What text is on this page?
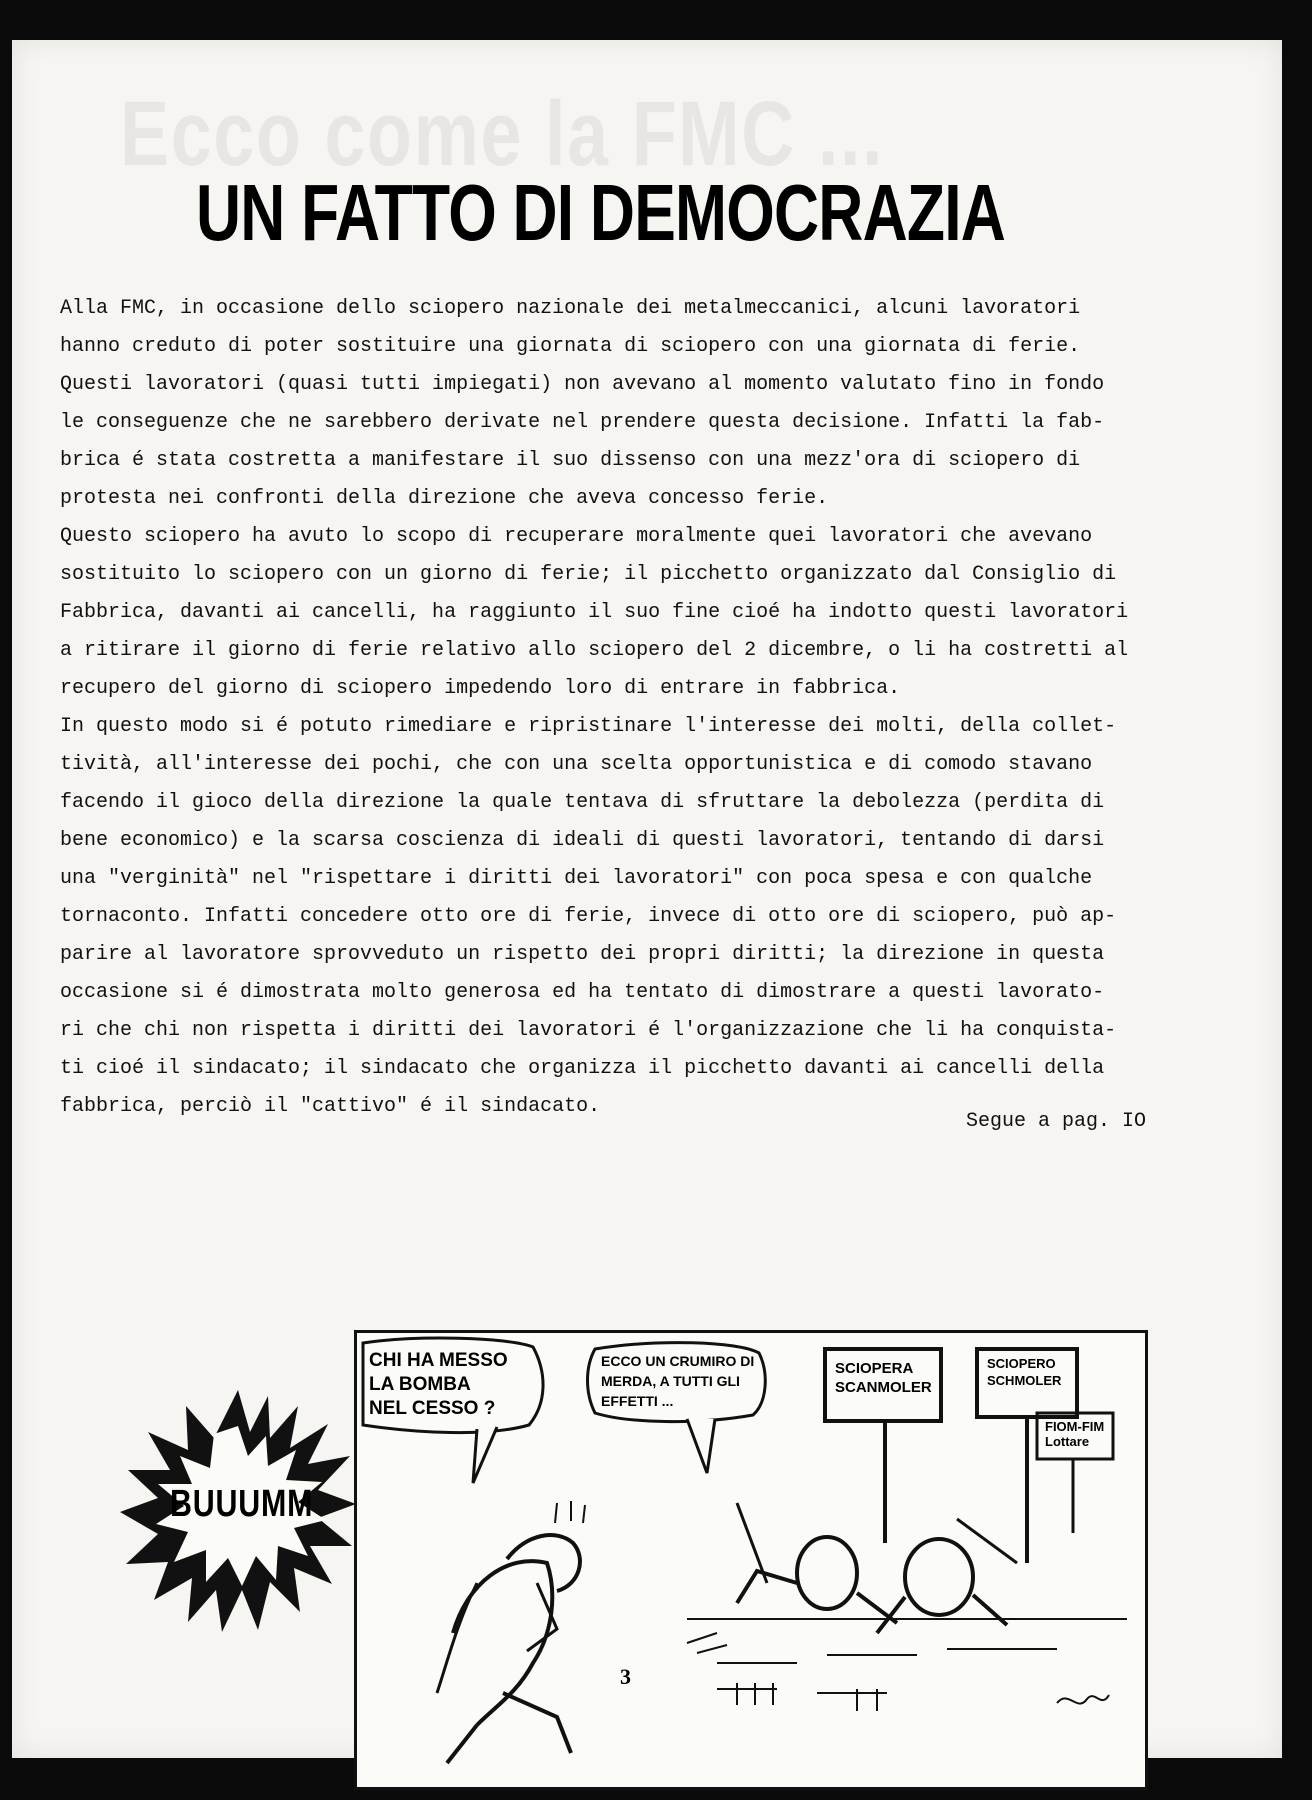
Ecco come la FMC ...
UN FATTO DI DEMOCRAZIA
Alla FMC, in occasione dello sciopero nazionale dei metalmeccanici, alcuni lavoratori
hanno creduto di poter sostituire una giornata di sciopero con una giornata di ferie.
Questi lavoratori (quasi tutti impiegati) non avevano al momento valutato fino in fondo
le conseguenze che ne sarebbero derivate nel prendere questa decisione. Infatti la fab-
brica é stata costretta a manifestare il suo dissenso con una mezz'ora di sciopero di
protesta nei confronti della direzione che aveva concesso ferie.
Questo sciopero ha avuto lo scopo di recuperare moralmente quei lavoratori che avevano
sostituito lo sciopero con un giorno di ferie; il picchetto organizzato dal Consiglio di
Fabbrica, davanti ai cancelli, ha raggiunto il suo fine cioé ha indotto questi lavoratori
a ritirare il giorno di ferie relativo allo sciopero del 2 dicembre, o li ha costretti al
recupero del giorno di sciopero impedendo loro di entrare in fabbrica.
In questo modo si é potuto rimediare e ripristinare l'interesse dei molti, della collet-
tività, all'interesse dei pochi, che con una scelta opportunistica e di comodo stavano
facendo il gioco della direzione la quale tentava di sfruttare la debolezza (perdita di
bene economico) e la scarsa coscienza di ideali di questi lavoratori, tentando di darsi
una "verginità" nel "rispettare i diritti dei lavoratori" con poca spesa e con qualche
tornaconto. Infatti concedere otto ore di ferie, invece di otto ore di sciopero, può ap-
parire al lavoratore sprovveduto un rispetto dei propri diritti; la direzione in questa
occasione si é dimostrata molto generosa ed ha tentato di dimostrare a questi lavorato-
ri che chi non rispetta i diritti dei lavoratori é l'organizzazione che li ha conquista-
ti cioé il sindacato; il sindacato che organizza il picchetto davanti ai cancelli della
fabbrica, perciò il "cattivo" é il sindacato.
Segue a pag. IO
BUUUMM
CHI HA MESSO
LA BOMBA
NEL CESSO ?
ECCO UN CRUMIRO DI
MERDA, A TUTTI GLI
EFFETTI ...
SCIOPERA
SCANMOLER
SCIOPERO
SCHMOLER
FIOM-FIM
Lottare
3
